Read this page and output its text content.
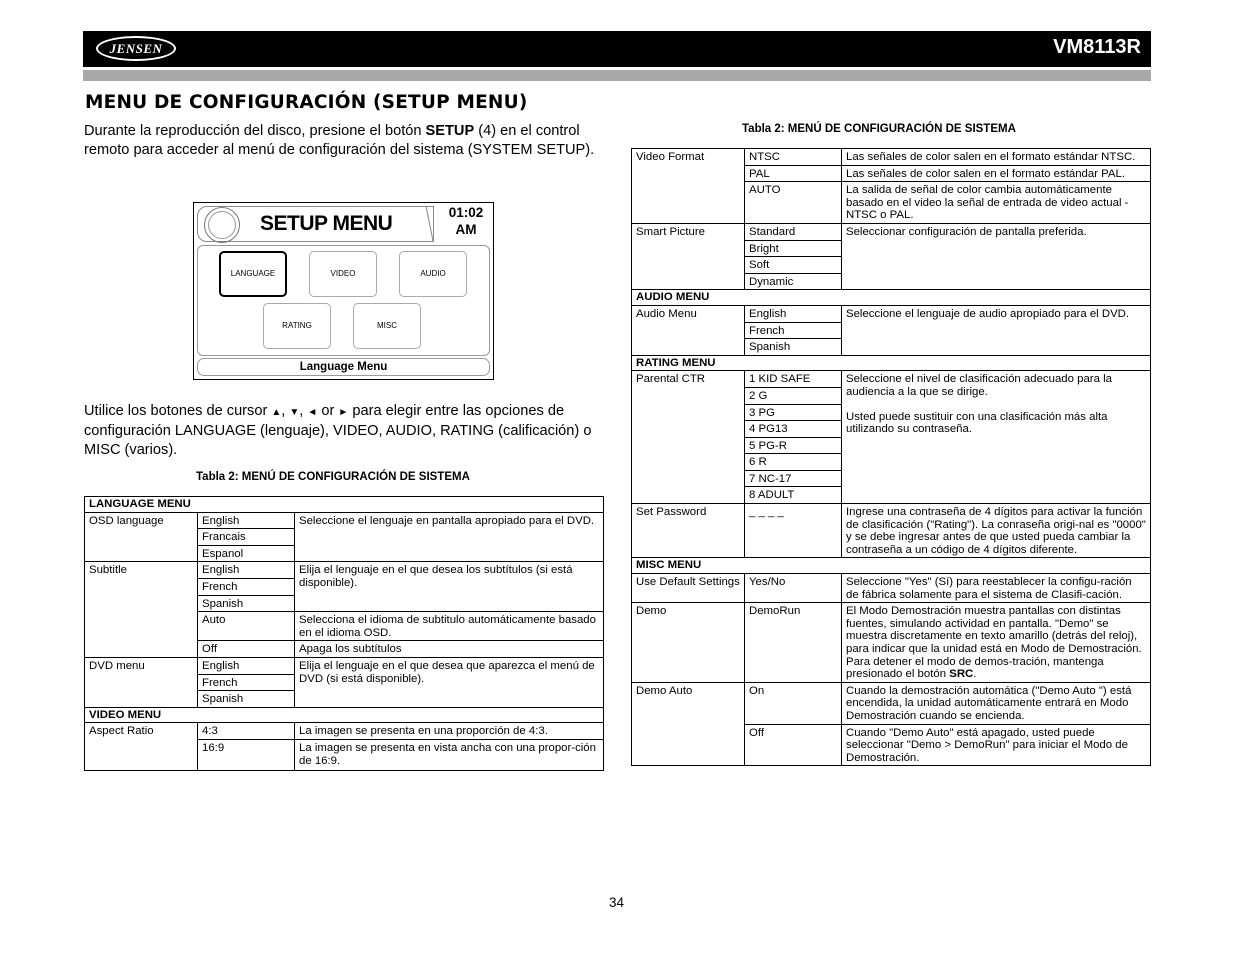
JENSEN	VM8113R
MENU DE CONFIGURACIÓN (SETUP MENU)
Durante la reproducción del disco, presione el botón SETUP (4) en el control remoto para acceder al menú de configuración del sistema (SYSTEM SETUP).
SETUP MENU	01:02
AM
LANGUAGE	VIDEO	AUDIO
RATING	MISC
Language Menu
Utilice los botones de cursor ▲, ▼, ◄ or ► para elegir entre las opciones de configuración LANGUAGE (lenguaje), VIDEO, AUDIO, RATING (calificación) o MISC (varios).
Tabla 2: MENÚ DE CONFIGURACIÓN DE SISTEMA
Tabla 2: MENÚ DE CONFIGURACIÓN DE SISTEMA
LANGUAGE MENU		
OSD language	English	Seleccione el lenguaje en pantalla apropiado para el DVD.
	Francais	
	Espanol	
Subtitle	English	Elija el lenguaje en el que desea los subtítulos (si está disponible).
	French	
	Spanish	
	Auto	Selecciona el idioma de subtitulo automáticamente basado en el idioma OSD.
	Off	Apaga los subtítulos
DVD menu	English	Elija el lenguaje en el que desea que aparezca el menú de DVD (si está disponible).
	French	
	Spanish	
VIDEO MENU		
Aspect Ratio	4:3	La imagen se presenta en una proporción de 4:3.
	16:9	La imagen se presenta en vista ancha con una propor-ción de 16:9.
Video Format	NTSC	Las señales de color salen en el formato estándar NTSC.
	PAL	Las señales de color salen en el formato estándar PAL.
	AUTO	La salida de señal de color cambia automáticamente basado en el video la señal de entrada de video actual -NTSC o PAL.
Smart Picture	Standard	Seleccionar configuración de pantalla preferida.
	Bright	
	Soft	
	Dynamic	
AUDIO MENU		
Audio Menu	English	Seleccione el lenguaje de audio apropiado para el DVD.
	French	
	Spanish	
RATING MENU		
Parental CTR	1 KID SAFE	Seleccione el nivel de clasificación adecuado para la audiencia a la que se dirige.
Usted puede sustituir con una clasificación más alta utilizando su contraseña.

	2 G	
	3 PG	
	4 PG13	
	5 PG-R	
	6 R	
	7 NC-17	
	8 ADULT	
Set Password	_ _ _ _	Ingrese una contraseña de 4 dígitos para activar la función de clasificación ("Rating"). La conraseña origi-nal es "0000" y se debe ingresar antes de que usted pueda cambiar la contraseña a un código de 4 dígitos diferente.
MISC MENU		
Use Default Settings	Yes/No	Seleccione "Yes" (Sí) para reestablecer la configu-ración de fábrica solamente para el sistema de Clasifi-cación.
Demo	DemoRun	El Modo Demostración muestra pantallas con distintas fuentes, simulando actividad en pantalla. "Demo" se muestra discretamente en texto amarillo (detrás del reloj), para indicar que la unidad está en Modo de Demostración. Para detener el modo de demos-tración, mantenga presionado el botón SRC.
Demo Auto	On	Cuando la demostración automática ("Demo Auto ") está encendida, la unidad automáticamente entrará en Modo Demostración cuando se encienda.
	Off	Cuando "Demo Auto" está apagado, usted puede seleccionar "Demo > DemoRun" para iniciar el Modo de Demostración.
34
